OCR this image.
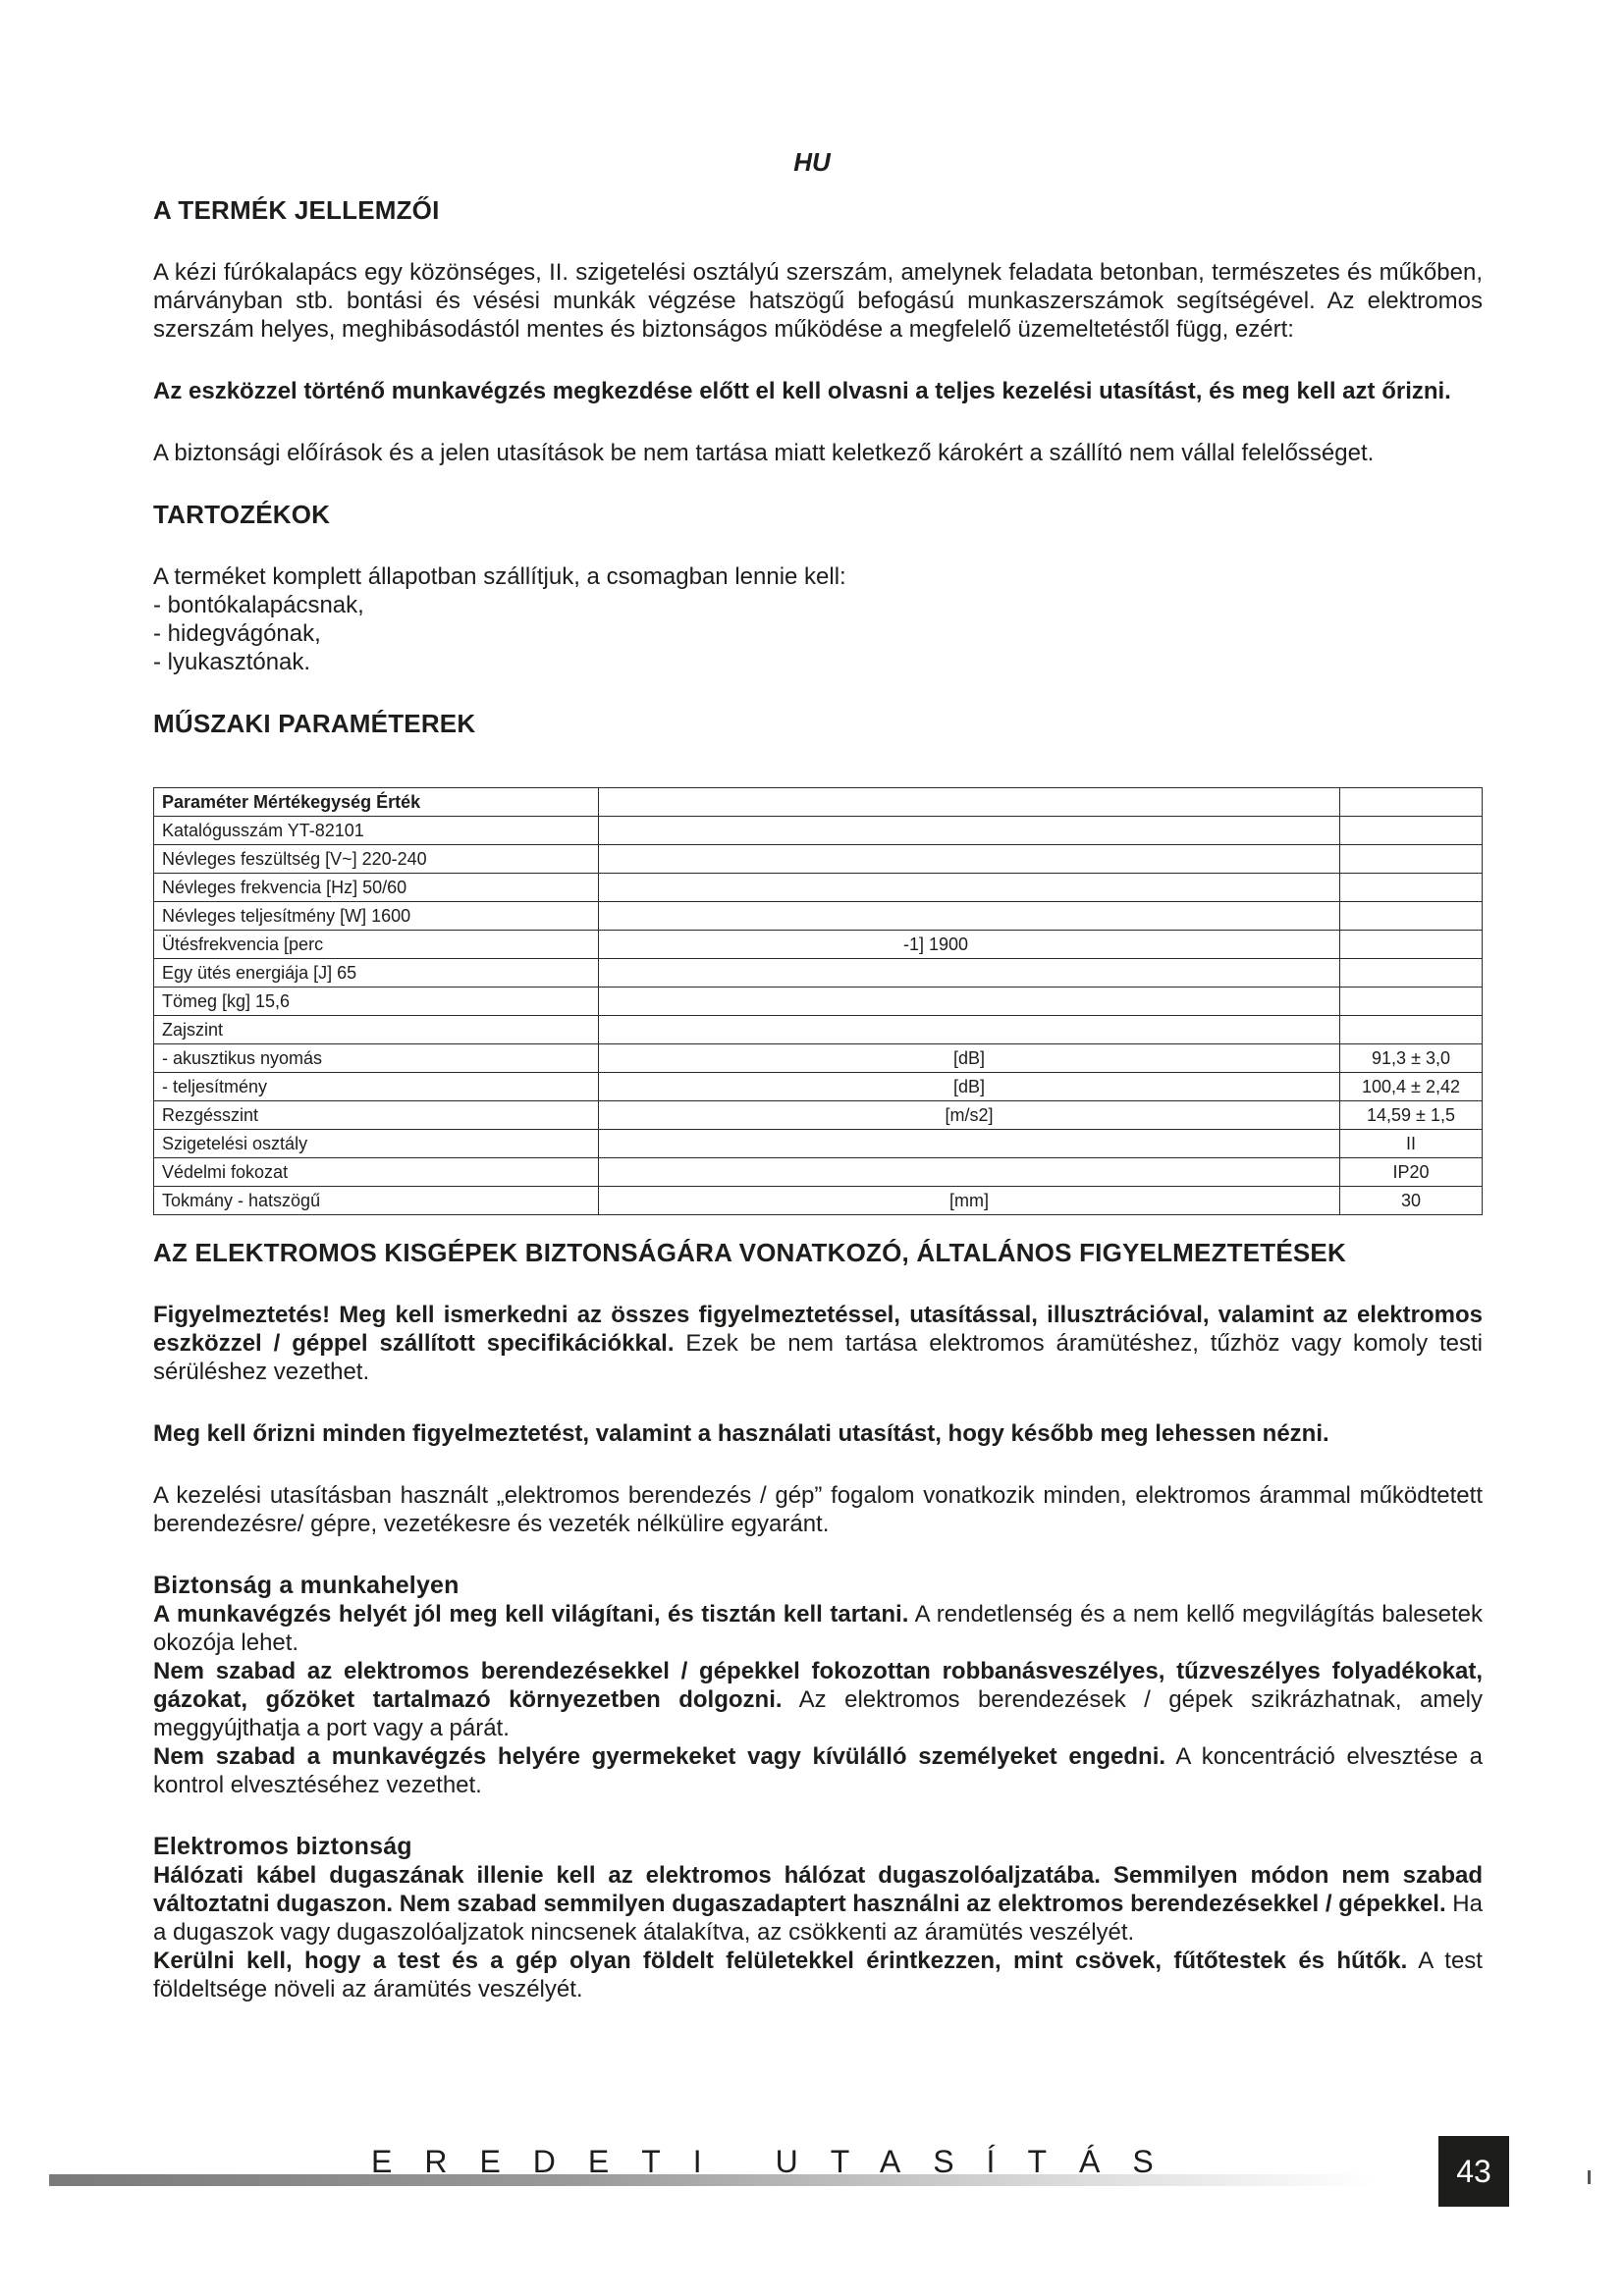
HU
A TERMÉK JELLEMZŐI

A kézi fúrókalapács egy közönséges, II. szigetelési osztályú szerszám, amelynek feladata betonban, természetes és műkőben, márványban stb. bontási és vésési munkák végzése hatszögű befogású munkaszerszámok segítségével. Az elektromos szerszám helyes, meghibásodástól mentes és biztonságos működése a megfelelő üzemeltetéstől függ, ezért:

Az eszközzel történő munkavégzés megkezdése előtt el kell olvasni a teljes kezelési utasítást, és meg kell azt őrizni.

A biztonsági előírások és a jelen utasítások be nem tartása miatt keletkező károkért a szállító nem vállal felelősséget.

TARTOZÉKOK
A terméket komplett állapotban szállítjuk, a csomagban lennie kell:
- bontókalapácsnak,
- hidegvágónak,
- lyukasztónak.
MŰSZAKI PARAMÉTEREK
Paraméter Mértékegység Érték		
Katalógusszám YT-82101		
Névleges feszültség [V~] 220-240		
Névleges frekvencia [Hz] 50/60		
Névleges teljesítmény [W] 1600		
Ütésfrekvencia [perc	-1] 1900	
Egy ütés energiája [J] 65		
Tömeg [kg] 15,6		
Zajszint		
- akusztikus nyomás	[dB]	91,3 ± 3,0
- teljesítmény	[dB]	100,4 ± 2,42
Rezgésszint	[m/s2]	14,59 ± 1,5
Szigetelési osztály		II
Védelmi fokozat		IP20
Tokmány - hatszögű	[mm]	30
AZ ELEKTROMOS KISGÉPEK BIZTONSÁGÁRA VONATKOZÓ, ÁLTALÁNOS FIGYELMEZTETÉSEK

Figyelmeztetés! Meg kell ismerkedni az összes figyelmeztetéssel, utasítással, illusztrációval, valamint az elektromos eszközzel / géppel szállított specifikációkkal. Ezek be nem tartása elektromos áramütéshez, tűzhöz vagy komoly testi sérüléshez vezethet.

Meg kell őrizni minden figyelmeztetést, valamint a használati utasítást, hogy később meg lehessen nézni.

A kezelési utasításban használt „elektromos berendezés / gép” fogalom vonatkozik minden, elektromos árammal működtetett berendezésre/ gépre, vezetékesre és vezeték nélkülire egyaránt.

Biztonság a munkahelyen

A munkavégzés helyét jól meg kell világítani, és tisztán kell tartani. A rendetlenség és a nem kellő megvilágítás balesetek okozója lehet.

Nem szabad az elektromos berendezésekkel / gépekkel fokozottan robbanásveszélyes, tűzveszélyes folyadékokat, gázokat, gőzöket tartalmazó környezetben dolgozni. Az elektromos berendezések / gépek szikrázhatnak, amely meggyújthatja a port vagy a párát.

Nem szabad a munkavégzés helyére gyermekeket vagy kívülálló személyeket engedni. A koncentráció elvesztése a kontrol elvesztéséhez vezethet.

Elektromos biztonság

Hálózati kábel dugaszának illenie kell az elektromos hálózat dugaszolóaljzatába. Semmilyen módon nem szabad változtatni dugaszon. Nem szabad semmilyen dugaszadaptert használni az elektromos berendezésekkel / gépekkel. Ha a dugaszok vagy dugaszolóaljzatok nincsenek átalakítva, az csökkenti az áramütés veszélyét.

Kerülni kell, hogy a test és a gép olyan földelt felületekkel érintkezzen, mint csövek, fűtőtestek és hűtők. A test földeltsége növeli az áramütés veszélyét.

EREDETI UTASÍTÁS	43
